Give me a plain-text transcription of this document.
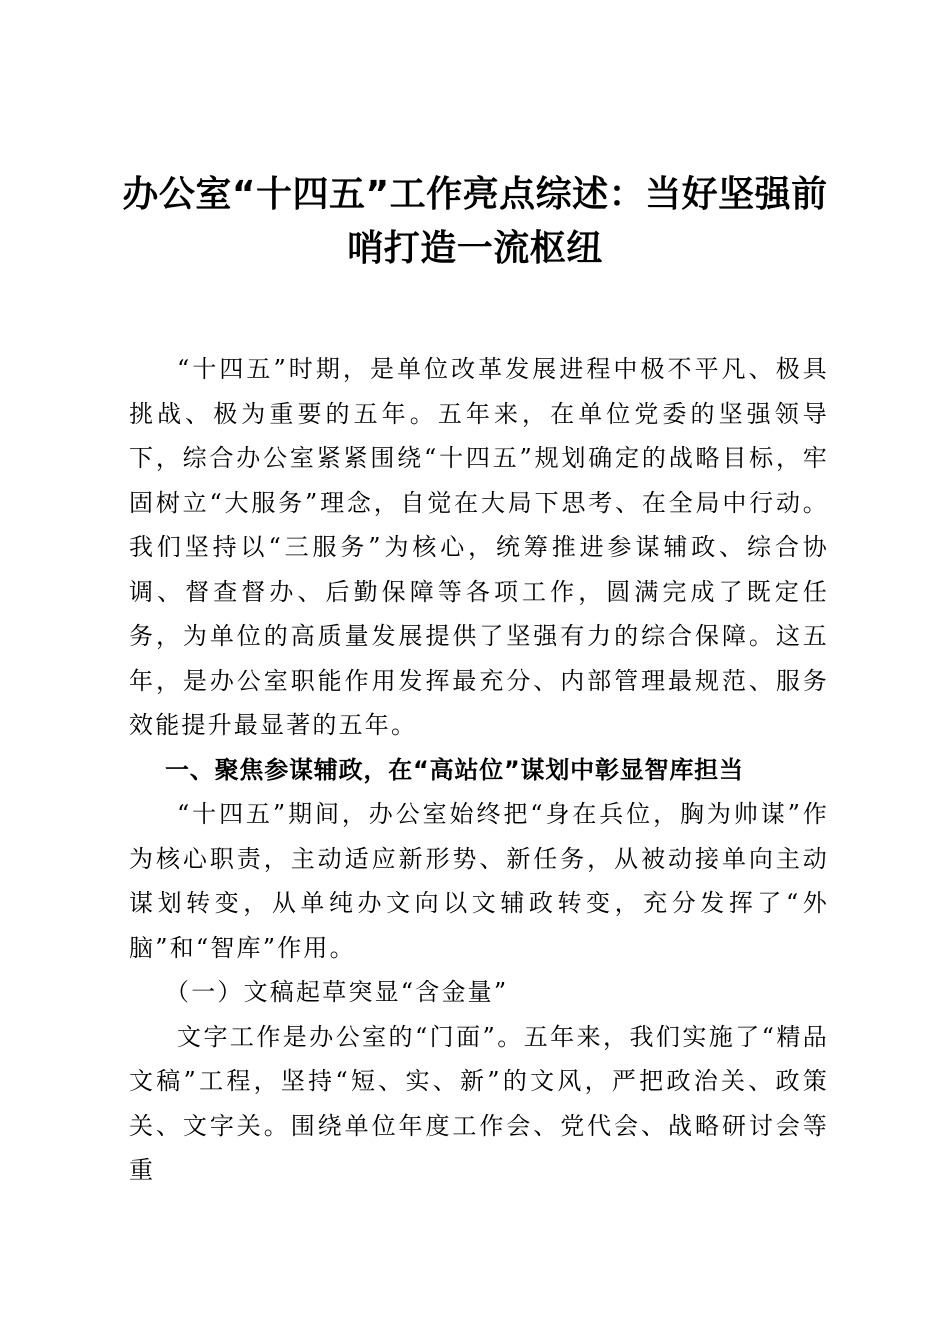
办公室“十四五”工作亮点综述：当好坚强前
哨打造一流枢纽

“十四五”时期，是单位改革发展进程中极不平凡、极具挑战、极为重要的五年。五年来，在单位党委的坚强领导下，综合办公室紧紧围绕“十四五”规划确定的战略目标，牢固树立“大服务”理念，自觉在大局下思考、在全局中行动。我们坚持以“三服务”为核心，统筹推进参谋辅政、综合协调、督查督办、后勤保障等各项工作，圆满完成了既定任务，为单位的高质量发展提供了坚强有力的综合保障。这五年，是办公室职能作用发挥最充分、内部管理最规范、服务效能提升最显著的五年。

一、聚焦参谋辅政，在“高站位”谋划中彰显智库担当

“十四五”期间，办公室始终把“身在兵位，胸为帅谋”作为核心职责，主动适应新形势、新任务，从被动接单向主动谋划转变，从单纯办文向以文辅政转变，充分发挥了“外脑”和“智库”作用。

（一）文稿起草突显“含金量”

文字工作是办公室的“门面”。五年来，我们实施了“精品文稿”工程，坚持“短、实、新”的文风，严把政治关、政策关、文字关。围绕单位年度工作会、党代会、战略研讨会等重
